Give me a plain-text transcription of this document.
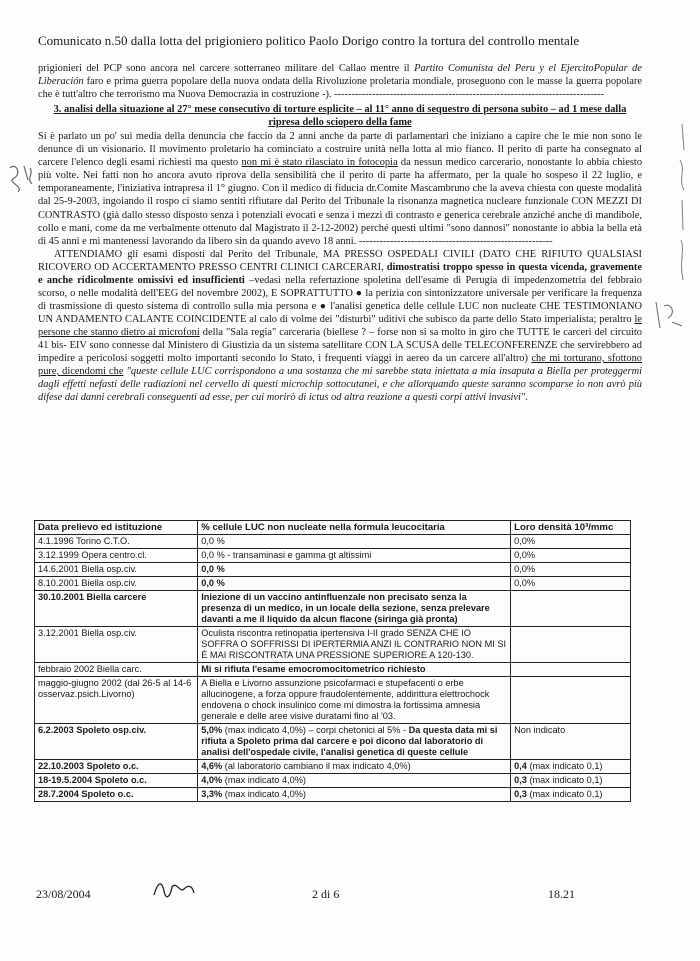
Comunicato n.50 dalla lotta del prigioniero politico Paolo Dorigo contro la tortura del controllo mentale

prigionieri del PCP sono ancora nel carcere sotterraneo militare del Callao mentre il Partito Comunista del Peru y el EjercitoPopular de Liberación faro e prima guerra popolare della nuova ondata della Rivoluzione proletaria mondiale, proseguono con le masse la guerra popolare che è tutt'altro che terrorismo ma Nuova Democrazia in costruzione -). ------------------------------------------------------------------------------

3. analisi della situazione al 27° mese consecutivo di torture esplicite – al 11° anno di sequestro di persona subito – ad 1 mese dalla ripresa dello sciopero della fame

Si è parlato un po' sui media della denuncia che faccio da 2 anni anche da parte di parlamentari che iniziano a capire che le mie non sono le denunce di un visionario. Il movimento proletario ha cominciato a costruire unità nella lotta al mio fianco. Il perito di parte ha consegnato al carcere l'elenco degli esami richiesti ma questo non mi è stato rilasciato in fotocopia da nessun medico carcerario, nonostante lo abbia chiesto più volte. Nei fatti non ho ancora avuto riprova della sensibilità che il perito di parte ha affermato, per la quale ho sospeso il 22 luglio, e temporaneamente, l'iniziativa intrapresa il 1° giugno. Con il medico di fiducia dr.Comite Mascambruno che la aveva chiesta con queste modalità dal 25-9-2003, ingoiando il rospo ci siamo sentiti rifiutare dal Perito del Tribunale la risonanza magnetica nucleare funzionale CON MEZZI DI CONTRASTO (già dallo stesso disposto senza i potenziali evocati e senza i mezzi di contrasto e generica cerebrale anziché anche di mandibole, collo e mani, come da me verbalmente ottenuto dal Magistrato il 2-12-2002) perché questi ultimi "sono dannosi" nonostante io abbia la bella età di 45 anni e mi mantenessi lavorando da libero sin da quando avevo 18 anni. --------------------------------------------------------

ATTENDIAMO gli esami disposti dal Perito del Tribunale, MA PRESSO OSPEDALI CIVILI (DATO CHE RIFIUTO QUALSIASI RICOVERO OD ACCERTAMENTO PRESSO CENTRI CLINICI CARCERARI, dimostratisi troppo spesso in questa vicenda, gravemente e anche ridicolmente omissivi ed insufficienti –vedasi nella refertazione spoletina dell'esame di Perugia di impedenzometria del febbraio scorso, o nelle modalità dell'EEG del novembre 2002), E SOPRATTUTTO ● la perizia con sintonizzatore universale per verificare la frequenza di trasmissione di questo sistema di controllo sulla mia persona e ● l'analisi genetica delle cellule LUC non nucleate CHE TESTIMONIANO UN ANDAMENTO CALANTE COINCIDENTE al calo di volme dei "disturbi" uditivi che subisco da parte dello Stato imperialista; peraltro le persone che stanno dietro ai microfoni della "Sala regia" carceraria (biellese ? – forse non si sa molto in giro che TUTTE le carceri del circuito 41 bis- EIV sono connesse dal Ministero di Giustizia da un sistema satellitare CON LA SCUSA delle TELECONFERENZE che servirebbero ad impedire a pericolosi soggetti molto importanti secondo lo Stato, i frequenti viaggi in aereo da un carcere all'altro) che mi torturano, sfottono pure, dicendomi che "queste cellule LUC corrispondono a una sostanza che mi sarebbe stata iniettata a mia insaputa a Biella per proteggermi dagli effetti nefasti delle radiazioni nel cervello di questi microchip sottocutanei, e che allorquando queste saranno scomparse io non avrò più difese dai danni cerebrali conseguenti ad esse, per cui morirò di ictus od altra reazione a questi corpi attivi invasivi".

Data prelievo ed istituzione	% cellule LUC non nucleate nella formula leucocitaria	Loro densità 10³/mmc
4.1.1996 Torino C.T.O.	0,0 %	0,0%
3.12.1999 Opera centro.cl.	0,0 % - transaminasi e gamma gt altissimi	0,0%
14.6.2001 Biella osp.civ.	0,0 %	0,0%
8.10.2001 Biella osp.civ.	0,0 %	0,0%
30.10.2001 Biella carcere	Iniezione di un vaccino antinfluenzale non precisato senza la presenza di un medico, in un locale della sezione, senza prelevare davanti a me il liquido da alcun flacone (siringa già pronta)	
3.12.2001 Biella osp.civ.	Oculista riscontra retinopatia ipertensiva I-II grado SENZA CHE IO SOFFRA O SOFFRISSI DI IPERTERMIA ANZI IL CONTRARIO NON MI SI È MAI RISCONTRATA UNA PRESSIONE SUPERIORE A 120-130.	
febbraio 2002 Biella carc.	Mi si rifiuta l'esame emocromocitometrico richiesto	
maggio-giugno 2002 (dal 26-5 al 14-6 osservaz.psich.Livorno)	A Biella e Livorno assunzione psicofarmaci e stupefacenti o erbe allucinogene, a forza oppure fraudolentemente, addirittura elettrochock endovena o chock insulinico come mi dimostra la fortissima amnesia generale e delle aree visive duratami fino al '03.	
6.2.2003 Spoleto osp.civ.	5,0% (max indicato 4,0%) – corpi chetonici al 5% - Da questa data mi si rifiuta a Spoleto prima dal carcere e poi dicono dal laboratorio di analisi dell'ospedale civile, l'analisi genetica di queste cellule	Non indicato
22.10.2003 Spoleto o.c.	4,6% (al laboratorio cambiano il max indicato 4,0%)	0,4 (max indicato 0,1)
18-19.5.2004 Spoleto o.c.	4,0% (max indicato 4,0%)	0,3 (max indicato 0,1)
28.7.2004 Spoleto o.c.	3,3% (max indicato 4,0%)	0,3 (max indicato 0,1)
23/08/2004	2 di 6	18.21
